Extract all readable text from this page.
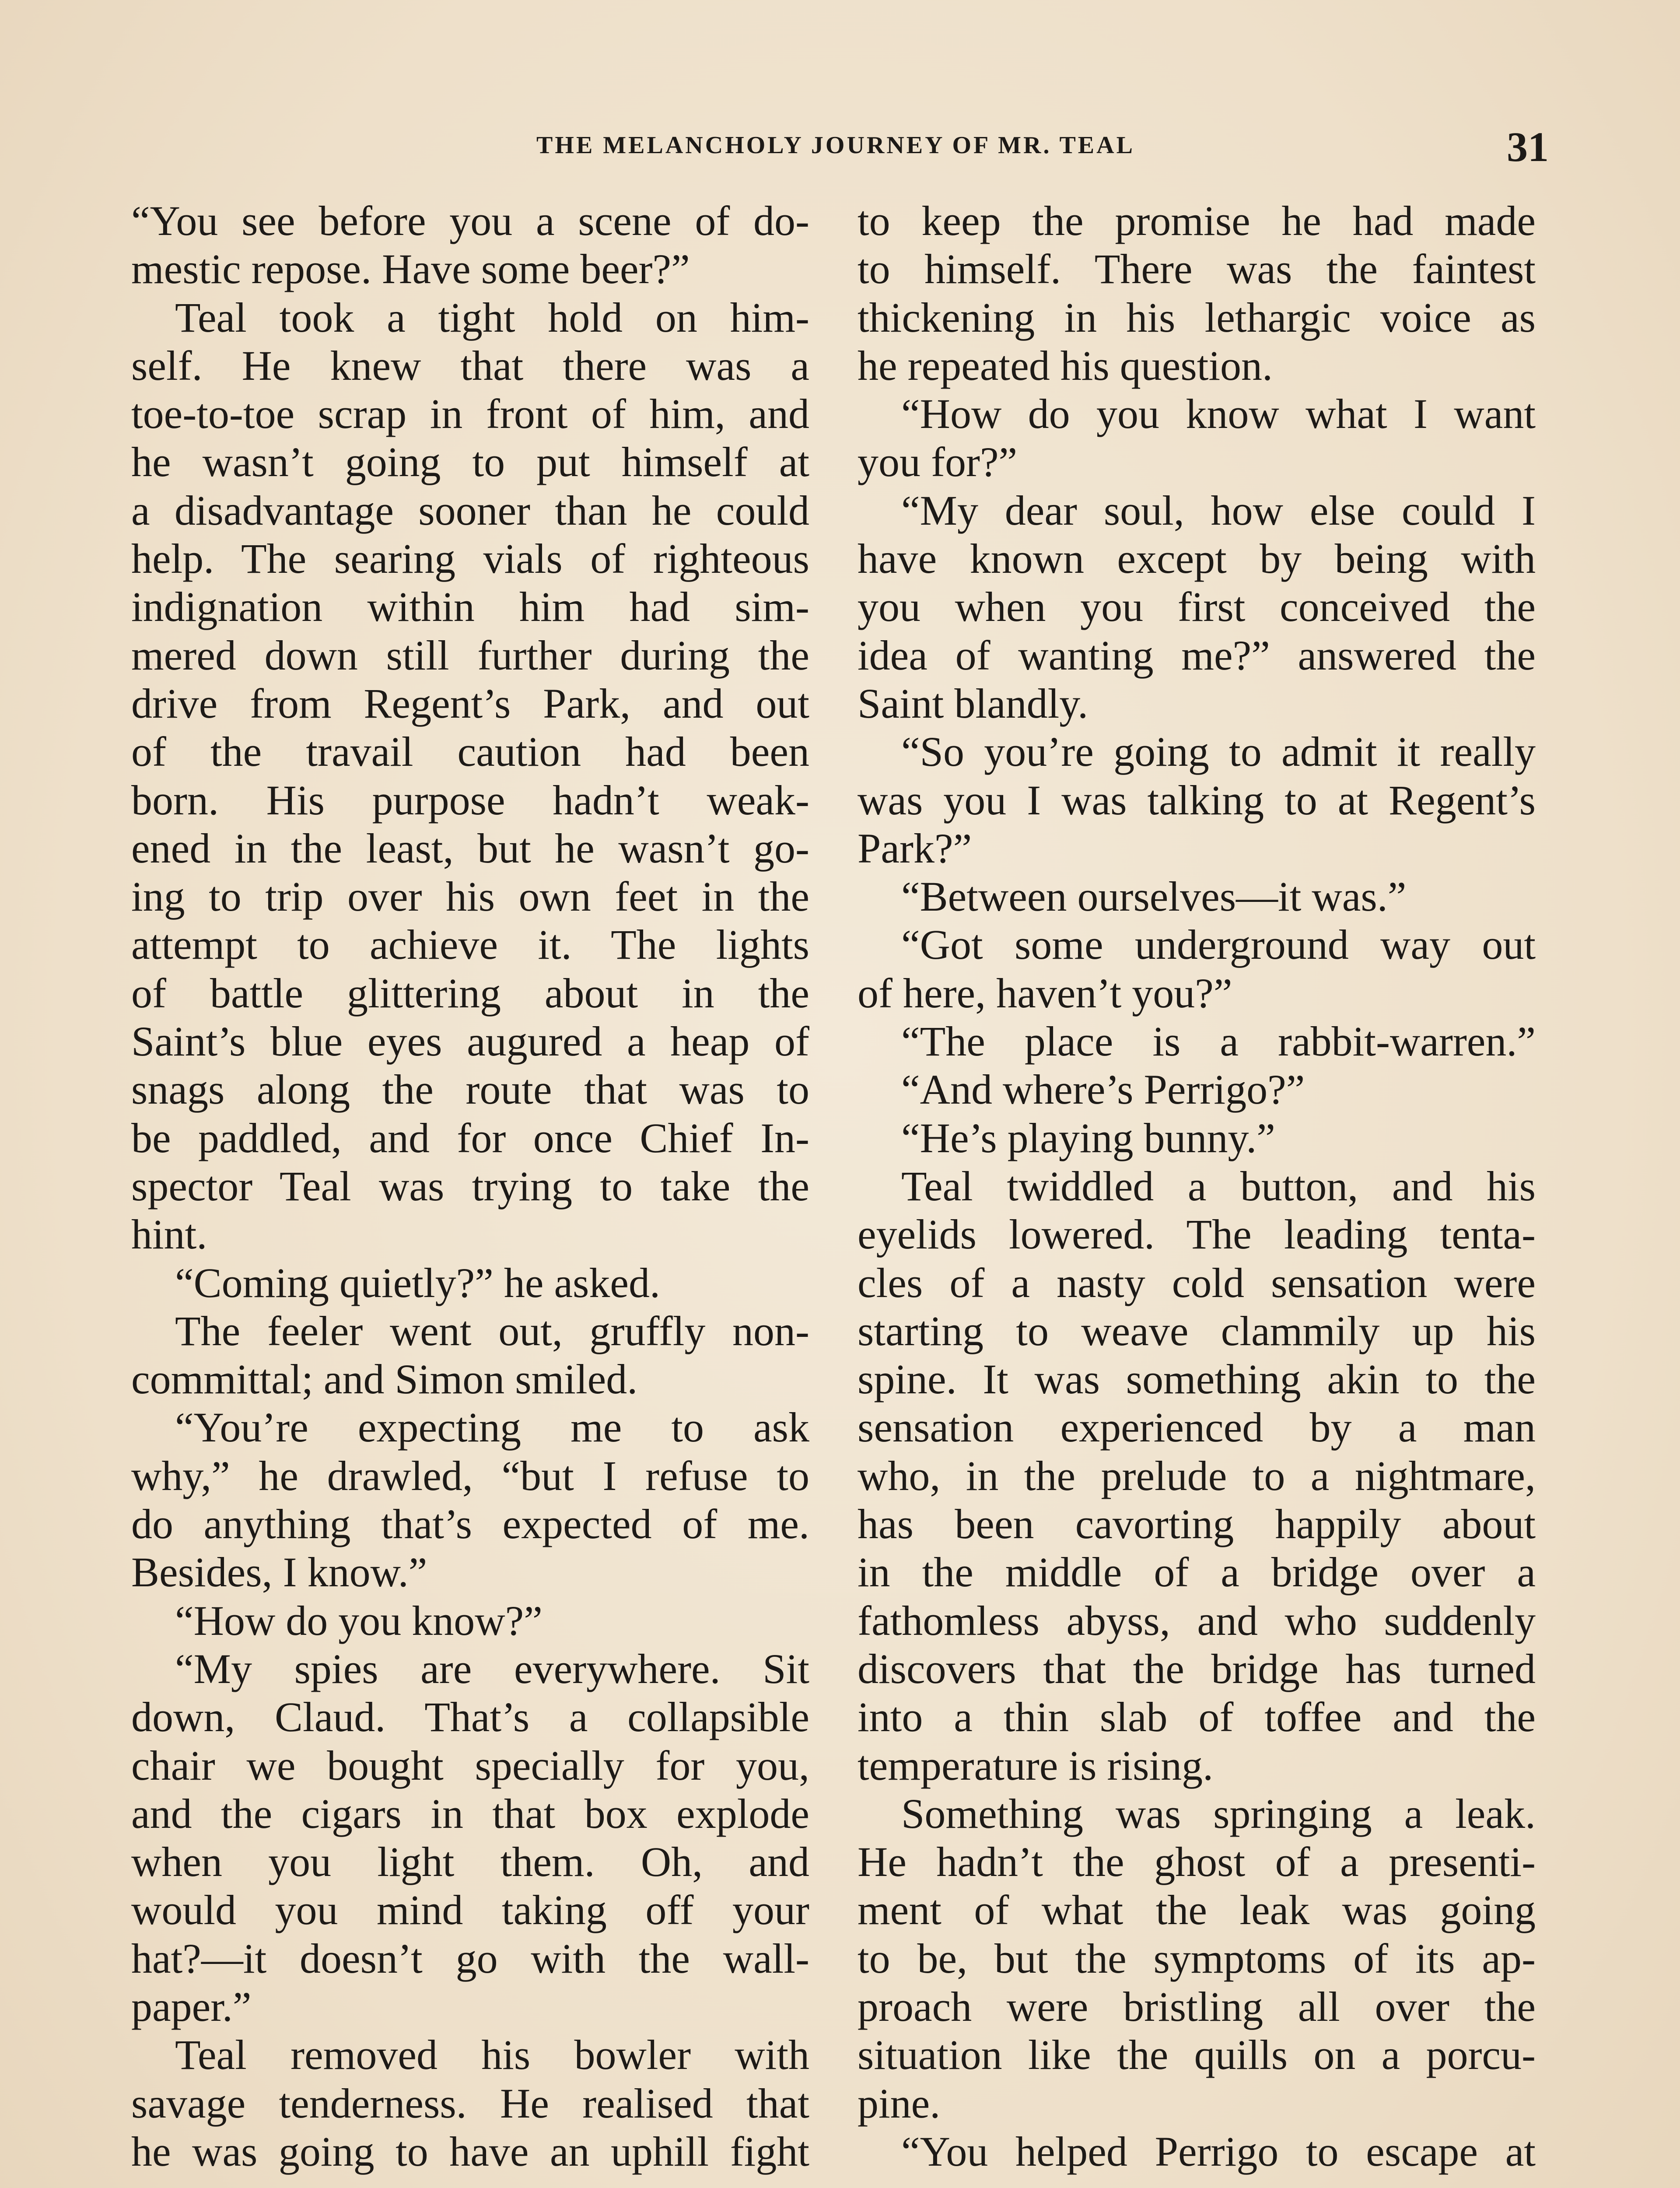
THE MELANCHOLY JOURNEY OF MR. TEAL	31
“You see before you a scene of do-
mestic repose. Have some beer?”
Teal took a tight hold on him-
self. He knew that there was a
toe-to-toe scrap in front of him, and
he wasn’t going to put himself at
a disadvantage sooner than he could
help. The searing vials of righteous
indignation within him had sim-
mered down still further during the
drive from Regent’s Park, and out
of the travail caution had been
born. His purpose hadn’t weak-
ened in the least, but he wasn’t go-
ing to trip over his own feet in the
attempt to achieve it. The lights
of battle glittering about in the
Saint’s blue eyes augured a heap of
snags along the route that was to
be paddled, and for once Chief In-
spector Teal was trying to take the
hint.
“Coming quietly?” he asked.
The feeler went out, gruffly non-
committal; and Simon smiled.
“You’re expecting me to ask
why,” he drawled, “but I refuse to
do anything that’s expected of me.
Besides, I know.”
“How do you know?”
“My spies are everywhere. Sit
down, Claud. That’s a collapsible
chair we bought specially for you,
and the cigars in that box explode
when you light them. Oh, and
would you mind taking off your
hat?—it doesn’t go with the wall-
paper.”
Teal removed his bowler with
savage tenderness. He realised that
he was going to have an uphill fight
to keep the promise he had made
to himself. There was the faintest
thickening in his lethargic voice as
he repeated his question.
“How do you know what I want
you for?”
“My dear soul, how else could I
have known except by being with
you when you first conceived the
idea of wanting me?” answered the
Saint blandly.
“So you’re going to admit it really
was you I was talking to at Regent’s
Park?”
“Between ourselves—it was.”
“Got some underground way out
of here, haven’t you?”
“The place is a rabbit-warren.”
“And where’s Perrigo?”
“He’s playing bunny.”
Teal twiddled a button, and his
eyelids lowered. The leading tenta-
cles of a nasty cold sensation were
starting to weave clammily up his
spine. It was something akin to the
sensation experienced by a man
who, in the prelude to a nightmare,
has been cavorting happily about
in the middle of a bridge over a
fathomless abyss, and who suddenly
discovers that the bridge has turned
into a thin slab of toffee and the
temperature is rising.
Something was springing a leak.
He hadn’t the ghost of a presenti-
ment of what the leak was going
to be, but the symptoms of its ap-
proach were bristling all over the
situation like the quills on a porcu-
pine.
“You helped Perrigo to escape at
